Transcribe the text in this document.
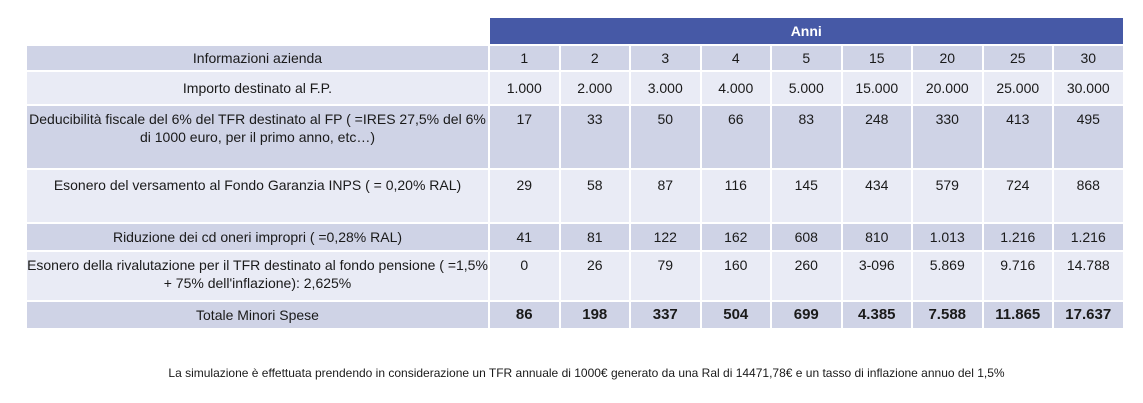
	Anni								
Informazioni azienda	1	2	3	4	5	15	20	25	30
Importo destinato al F.P.	1.000	2.000	3.000	4.000	5.000	15.000	20.000	25.000	30.000
Deducibilità fiscale del 6% del TFR destinato al FP ( =IRES 27,5% del 6% di 1000 euro, per il primo anno, etc…)	17	33	50	66	83	248	330	413	495
Esonero del versamento al Fondo Garanzia INPS ( = 0,20% RAL)	29	58	87	116	145	434	579	724	868
Riduzione dei cd oneri impropri ( =0,28% RAL)	41	81	122	162	608	810	1.013	1.216	1.216
Esonero della rivalutazione per il TFR destinato al fondo pensione ( =1,5% + 75% dell'inflazione): 2,625%	0	26	79	160	260	3-096	5.869	9.716	14.788
Totale Minori Spese	86	198	337	504	699	4.385	7.588	11.865	17.637
La simulazione è effettuata prendendo in considerazione un TFR annuale di 1000€ generato da una Ral di 14471,78€ e un tasso di inflazione annuo del 1,5%
